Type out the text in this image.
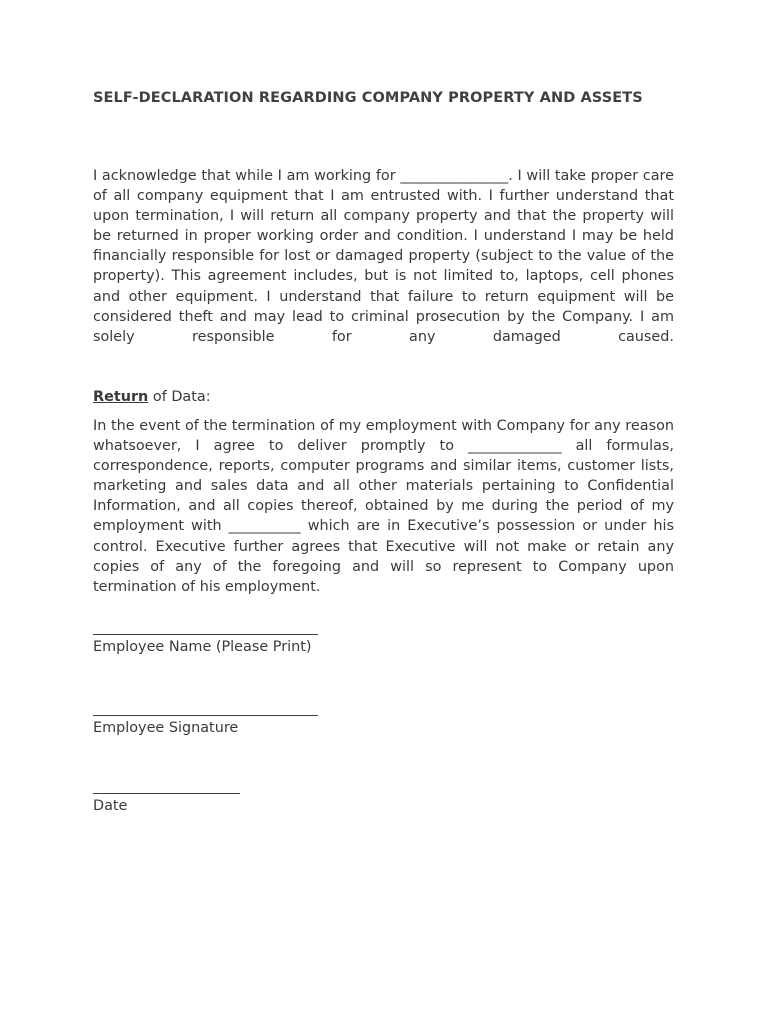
SELF-DECLARATION REGARDING COMPANY PROPERTY AND ASSETS

I acknowledge that while I am working for _______________. I will take proper care of all company equipment that I am entrusted with. I further understand that upon termination, I will return all company property and that the property will be returned in proper working order and condition. I understand I may be held financially responsible for lost or damaged property (subject to the value of the property). This agreement includes, but is not limited to, laptops, cell phones and other equipment. I understand that failure to return equipment will be considered theft and may lead to criminal prosecution by the Company. I am solely responsible for any damaged caused.

Return of Data:

In the event of the termination of my employment with Company for any reason whatsoever, I agree to deliver promptly to _____________ all formulas, correspondence, reports, computer programs and similar items, customer lists, marketing and sales data and all other materials pertaining to Confidential Information, and all copies thereof, obtained by me during the period of my employment with __________ which are in Executive’s possession or under his control. Executive further agrees that Executive will not make or retain any copies of any of the foregoing and will so represent to Company upon termination of his employment.

Employee Name (Please Print)
Employee Signature
Date
